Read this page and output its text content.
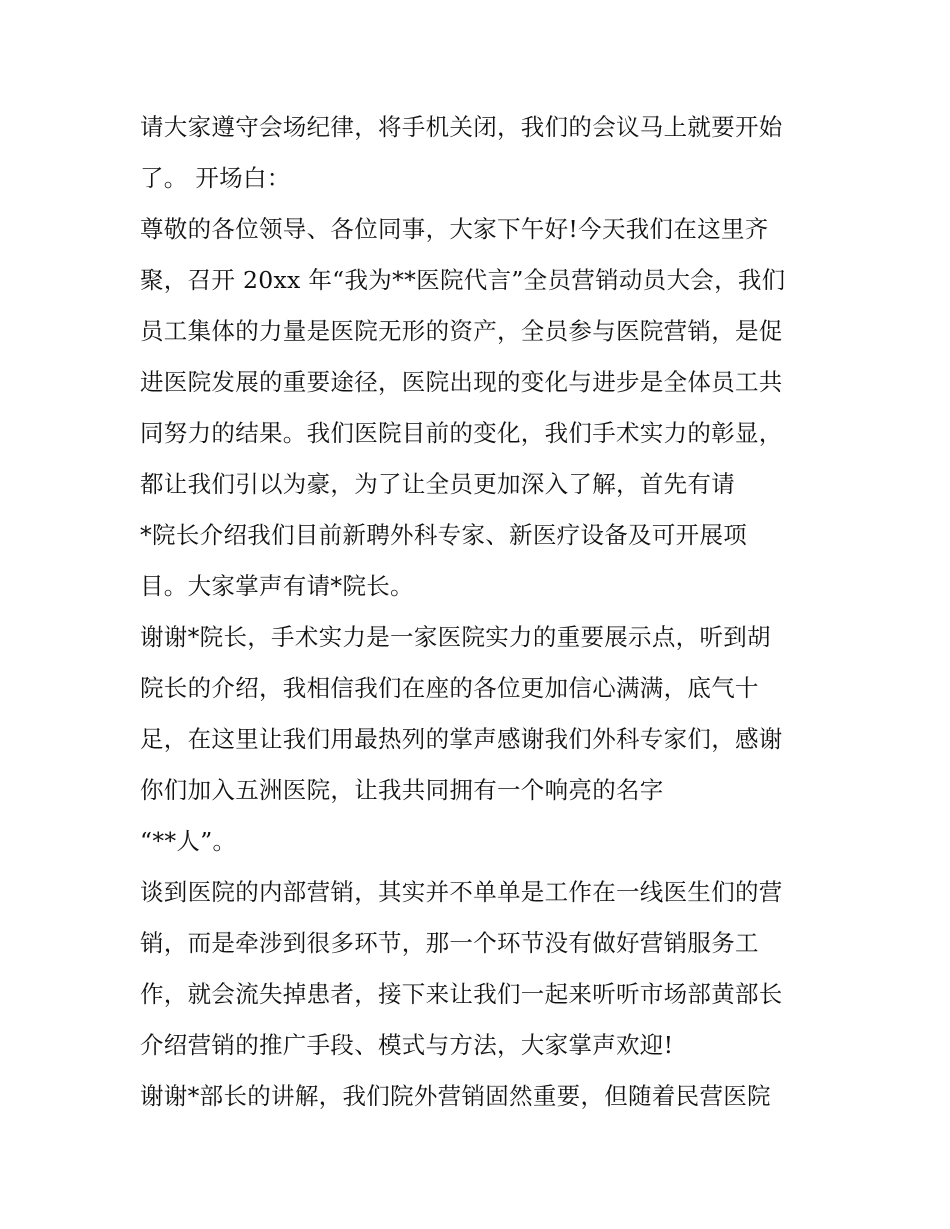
请大家遵守会场纪律，将手机关闭，我们的会议马上就要开始
了。 开场白：
尊敬的各位领导、各位同事，大家下午好!今天我们在这里齐
聚，召开 20xx 年“我为**医院代言”全员营销动员大会，我们
员工集体的力量是医院无形的资产，全员参与医院营销，是促
进医院发展的重要途径，医院出现的变化与进步是全体员工共
同努力的结果。我们医院目前的变化，我们手术实力的彰显，
都让我们引以为豪，为了让全员更加深入了解，首先有请
*院长介绍我们目前新聘外科专家、新医疗设备及可开展项
目。大家掌声有请*院长。
谢谢*院长，手术实力是一家医院实力的重要展示点，听到胡
院长的介绍，我相信我们在座的各位更加信心满满，底气十
足，在这里让我们用最热列的掌声感谢我们外科专家们，感谢
你们加入五洲医院，让我共同拥有一个响亮的名字
“**人”。
谈到医院的内部营销，其实并不单单是工作在一线医生们的营
销，而是牵涉到很多环节，那一个环节没有做好营销服务工
作，就会流失掉患者，接下来让我们一起来听听市场部黄部长
介绍营销的推广手段、模式与方法，大家掌声欢迎!
谢谢*部长的讲解，我们院外营销固然重要，但随着民营医院
